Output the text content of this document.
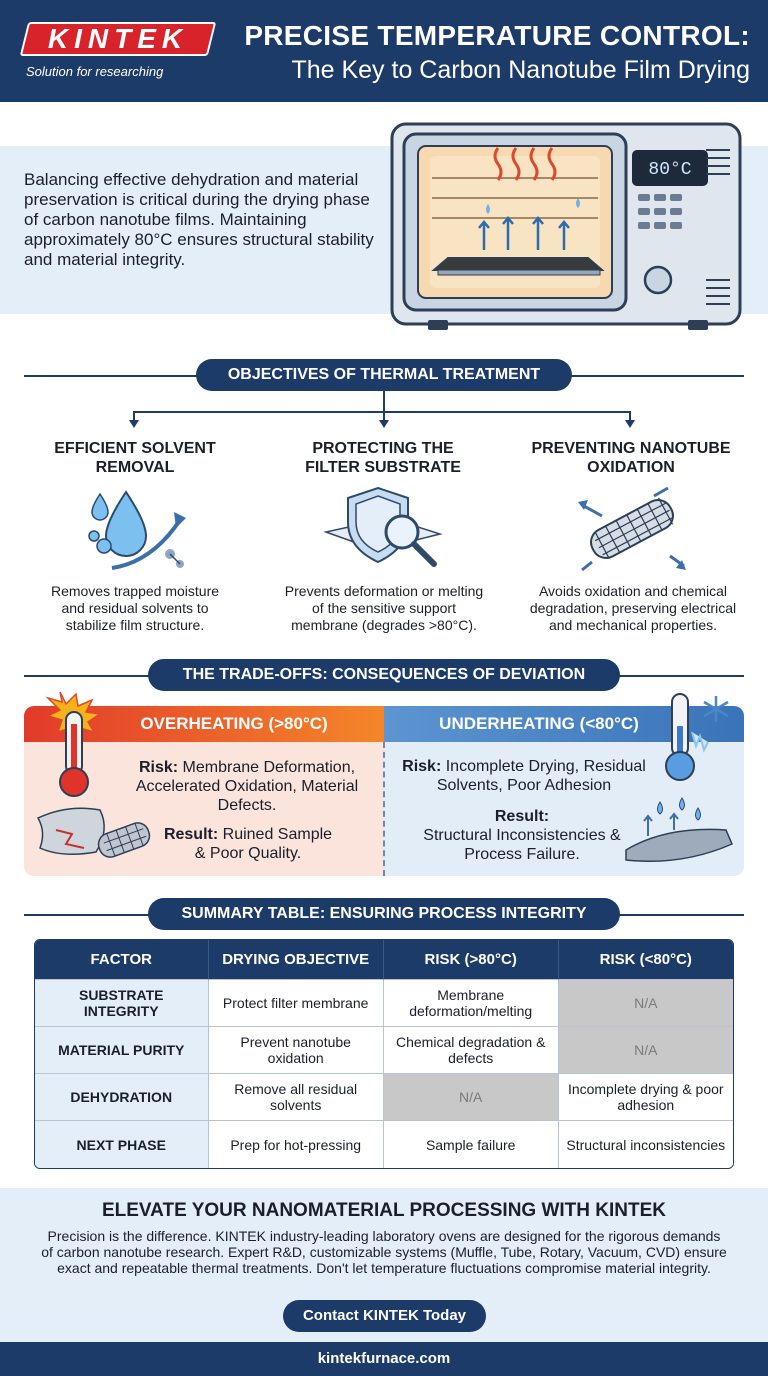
KINTEK
Solution for researching
PRECISE TEMPERATURE CONTROL:
The Key to Carbon Nanotube Film Drying
Balancing effective dehydration and material preservation is critical during the drying phase of carbon nanotube films. Maintaining approximately 80°C ensures structural stability and material integrity.
80°C
OBJECTIVES OF THERMAL TREATMENT
EFFICIENT SOLVENT REMOVAL
PROTECTING THE FILTER SUBSTRATE
PREVENTING NANOTUBE OXIDATION
Removes trapped moisture and residual solvents to stabilize film structure.
Prevents deformation or melting of the sensitive support membrane (degrades >80°C).
Avoids oxidation and chemical degradation, preserving electrical and mechanical properties.
THE TRADE-OFFS: CONSEQUENCES OF DEVIATION
OVERHEATING (>80°C)	UNDERHEATING (<80°C)
Risk: Membrane Deformation, Accelerated Oxidation, Material Defects.
Result: Ruined Sample & Poor Quality.
Risk: Incomplete Drying, Residual Solvents, Poor Adhesion
Result:
Structural Inconsistencies & Process Failure.
SUMMARY TABLE: ENSURING PROCESS INTEGRITY
FACTOR	DRYING OBJECTIVE	RISK (>80°C)	RISK (<80°C)
SUBSTRATE INTEGRITY	Protect filter membrane	Membrane deformation/melting	N/A
MATERIAL PURITY	Prevent nanotube oxidation	Chemical degradation & defects	N/A
DEHYDRATION	Remove all residual solvents	N/A	Incomplete drying & poor adhesion
NEXT PHASE	Prep for hot-pressing	Sample failure	Structural inconsistencies
ELEVATE YOUR NANOMATERIAL PROCESSING WITH KINTEK
Precision is the difference. KINTEK industry-leading laboratory ovens are designed for the rigorous demands of carbon nanotube research. Expert R&D, customizable systems (Muffle, Tube, Rotary, Vacuum, CVD) ensure exact and repeatable thermal treatments. Don't let temperature fluctuations compromise material integrity.
Contact KINTEK Today
kintekfurnace.com
